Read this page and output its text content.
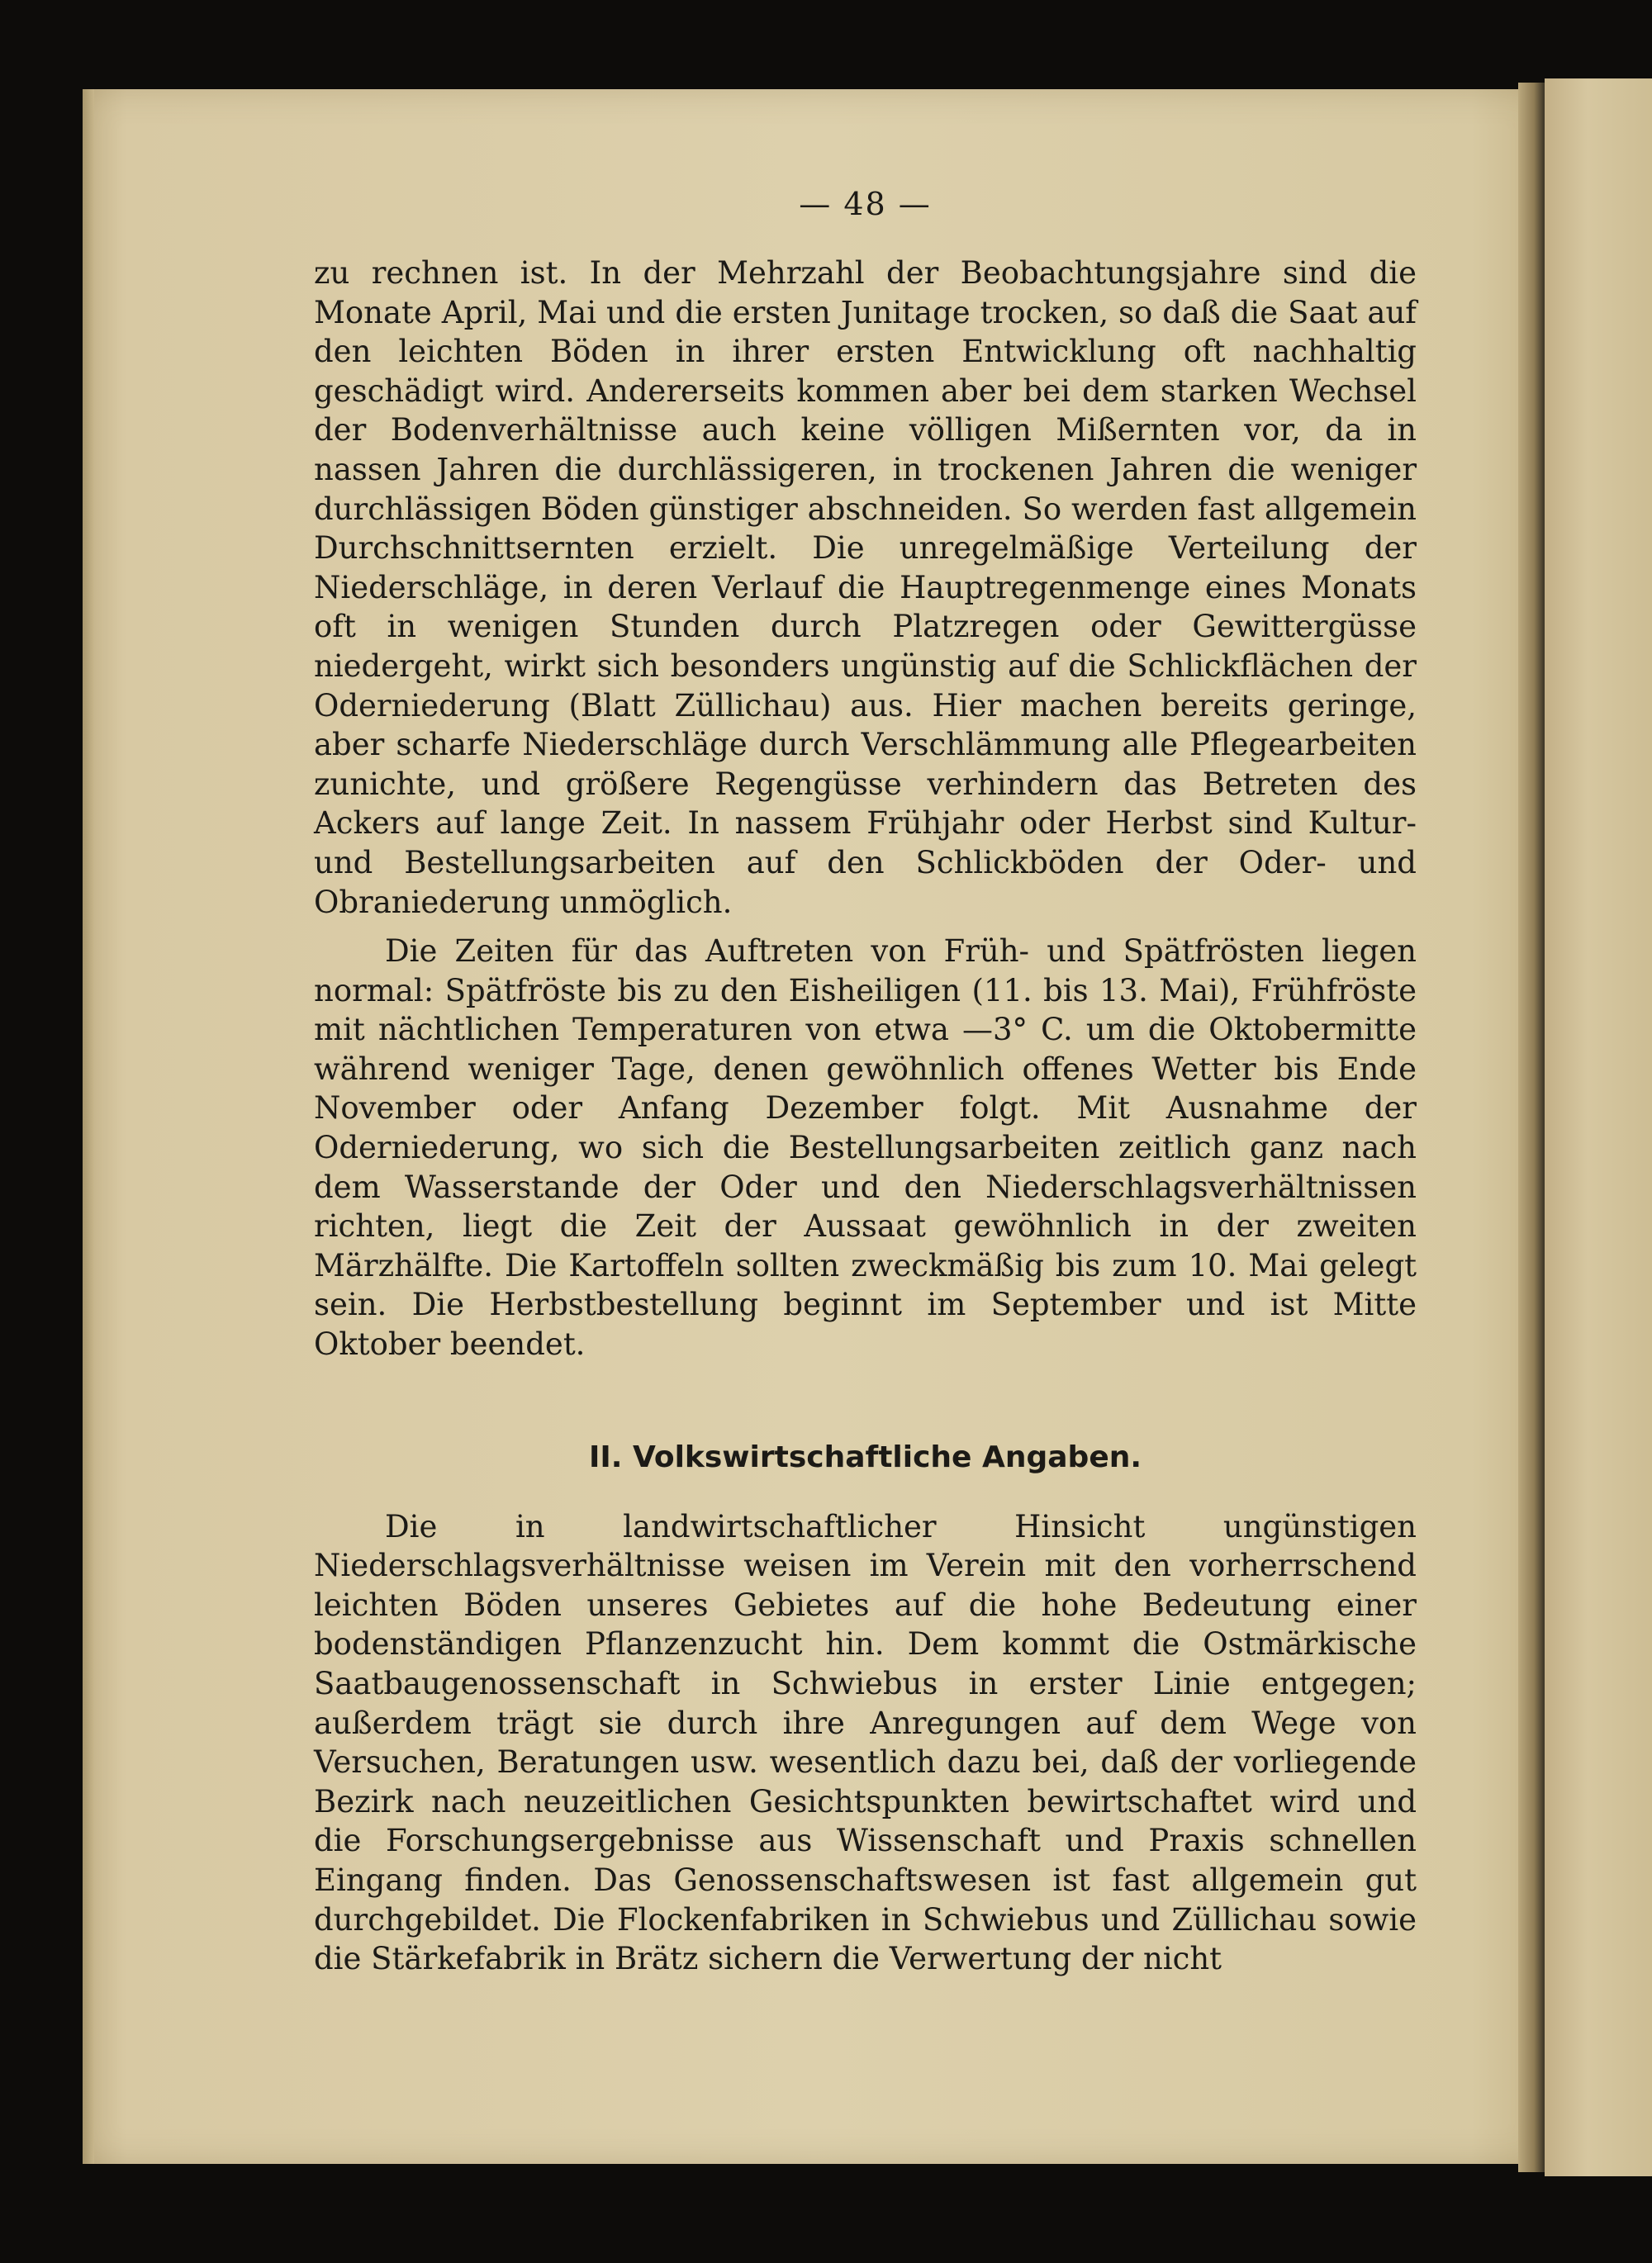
— 48 —

zu rechnen ist. In der Mehrzahl der Beobachtungsjahre sind die Monate April, Mai und die ersten Junitage trocken, so daß die Saat auf den leichten Böden in ihrer ersten Entwicklung oft nachhaltig geschädigt wird. Andererseits kommen aber bei dem starken Wechsel der Bodenverhältnisse auch keine völligen Mißernten vor, da in nassen Jahren die durchlässigeren, in trockenen Jahren die weniger durchlässigen Böden günstiger abschneiden. So werden fast allgemein Durchschnittsernten erzielt. Die unregelmäßige Verteilung der Niederschläge, in deren Verlauf die Hauptregenmenge eines Monats oft in wenigen Stunden durch Platzregen oder Gewittergüsse niedergeht, wirkt sich besonders ungünstig auf die Schlickflächen der Oderniederung (Blatt Züllichau) aus. Hier machen bereits geringe, aber scharfe Niederschläge durch Verschlämmung alle Pflegearbeiten zunichte, und größere Regengüsse verhindern das Betreten des Ackers auf lange Zeit. In nassem Frühjahr oder Herbst sind Kultur- und Bestellungsarbeiten auf den Schlickböden der Oder- und Obraniederung unmöglich.

Die Zeiten für das Auftreten von Früh- und Spätfrösten liegen normal: Spätfröste bis zu den Eisheiligen (11. bis 13. Mai), Frühfröste mit nächtlichen Temperaturen von etwa —3° C. um die Oktobermitte während weniger Tage, denen gewöhnlich offenes Wetter bis Ende November oder Anfang Dezember folgt. Mit Ausnahme der Oderniederung, wo sich die Bestellungsarbeiten zeitlich ganz nach dem Wasserstande der Oder und den Niederschlagsverhältnissen richten, liegt die Zeit der Aussaat gewöhnlich in der zweiten Märzhälfte. Die Kartoffeln sollten zweckmäßig bis zum 10. Mai gelegt sein. Die Herbstbestellung beginnt im September und ist Mitte Oktober beendet.

II. Volkswirtschaftliche Angaben.

Die in landwirtschaftlicher Hinsicht ungünstigen Niederschlagsverhältnisse weisen im Verein mit den vorherrschend leichten Böden unseres Gebietes auf die hohe Bedeutung einer bodenständigen Pflanzenzucht hin. Dem kommt die Ostmärkische Saatbaugenossenschaft in Schwiebus in erster Linie entgegen; außerdem trägt sie durch ihre Anregungen auf dem Wege von Versuchen, Beratungen usw. wesentlich dazu bei, daß der vorliegende Bezirk nach neuzeitlichen Gesichtspunkten bewirtschaftet wird und die Forschungsergebnisse aus Wissenschaft und Praxis schnellen Eingang finden. Das Genossenschaftswesen ist fast allgemein gut durchgebildet. Die Flockenfabriken in Schwiebus und Züllichau sowie die Stärkefabrik in Brätz sichern die Verwertung der nicht
